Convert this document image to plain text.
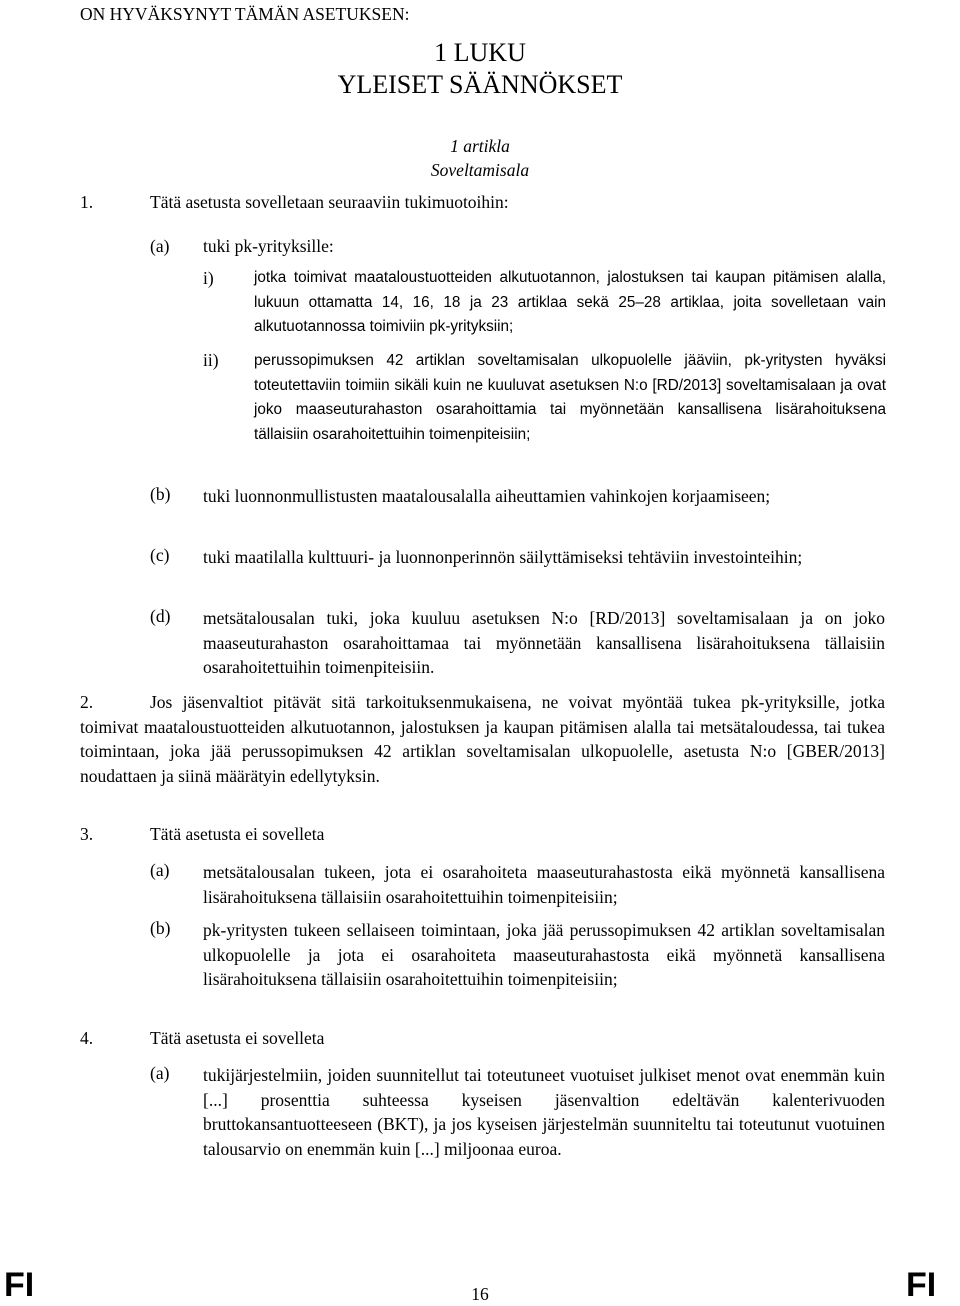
ON HYVÄKSYNYT TÄMÄN ASETUKSEN:
1 LUKU
YLEISET SÄÄNNÖKSET
1 artikla
Soveltamisala
1.	Tätä asetusta sovelletaan seuraaviin tukimuotoihin:
(a) tuki pk-yrityksille:
i)	jotka toimivat maataloustuotteiden alkutuotannon, jalostuksen tai kaupan pitämisen alalla, lukuun ottamatta 14, 16, 18 ja 23 artiklaa sekä 25–28 artiklaa, joita sovelletaan vain alkutuotannossa toimiviin pk-yrityksiin;
ii) perussopimuksen 42 artiklan soveltamisalan ulkopuolelle jääviin, pk-yritysten hyväksi toteutettaviin toimiin sikäli kuin ne kuuluvat asetuksen N:o [RD/2013] soveltamisalaan ja ovat joko maaseuturahaston osarahoittamia tai myönnetään kansallisena lisärahoituksena tällaisiin osarahoitettuihin toimenpiteisiin;
(b) tuki luonnonmullistusten maatalousalalla aiheuttamien vahinkojen korjaamiseen;
(c) tuki maatilalla kulttuuri- ja luonnonperinnön säilyttämiseksi tehtäviin investointeihin;
(d) metsätalousalan tuki, joka kuuluu asetuksen N:o [RD/2013] soveltamisalaan ja on joko maaseuturahaston osarahoittamaa tai myönnetään kansallisena lisärahoituksena tällaisiin osarahoitettuihin toimenpiteisiin.
2.	Jos jäsenvaltiot pitävät sitä tarkoituksenmukaisena, ne voivat myöntää tukea pk-yrityksille, jotka toimivat maataloustuotteiden alkutuotannon, jalostuksen ja kaupan pitämisen alalla tai metsätaloudessa, tai tukea toimintaan, joka jää perussopimuksen 42 artiklan soveltamisalan ulkopuolelle, asetusta N:o [GBER/2013] noudattaen ja siinä määrätyin edellytyksin.
3.	Tätä asetusta ei sovelleta
(a) metsätalousalan tukeen, jota ei osarahoiteta maaseuturahastosta eikä myönnetä kansallisena lisärahoituksena tällaisiin osarahoitettuihin toimenpiteisiin;
(b) pk-yritysten tukeen sellaiseen toimintaan, joka jää perussopimuksen 42 artiklan soveltamisalan ulkopuolelle ja jota ei osarahoiteta maaseuturahastosta eikä myönnetä kansallisena lisärahoituksena tällaisiin osarahoitettuihin toimenpiteisiin;
4.	Tätä asetusta ei sovelleta
(a) tukijärjestelmiin, joiden suunnitellut tai toteutuneet vuotuiset julkiset menot ovat enemmän kuin [...] prosenttia suhteessa kyseisen jäsenvaltion edeltävän kalenterivuoden bruttokansantuotteeseen (BKT), ja jos kyseisen järjestelmän suunniteltu tai toteutunut vuotuinen talousarvio on enemmän kuin [...] miljoonaa euroa.
FI	16	FI
